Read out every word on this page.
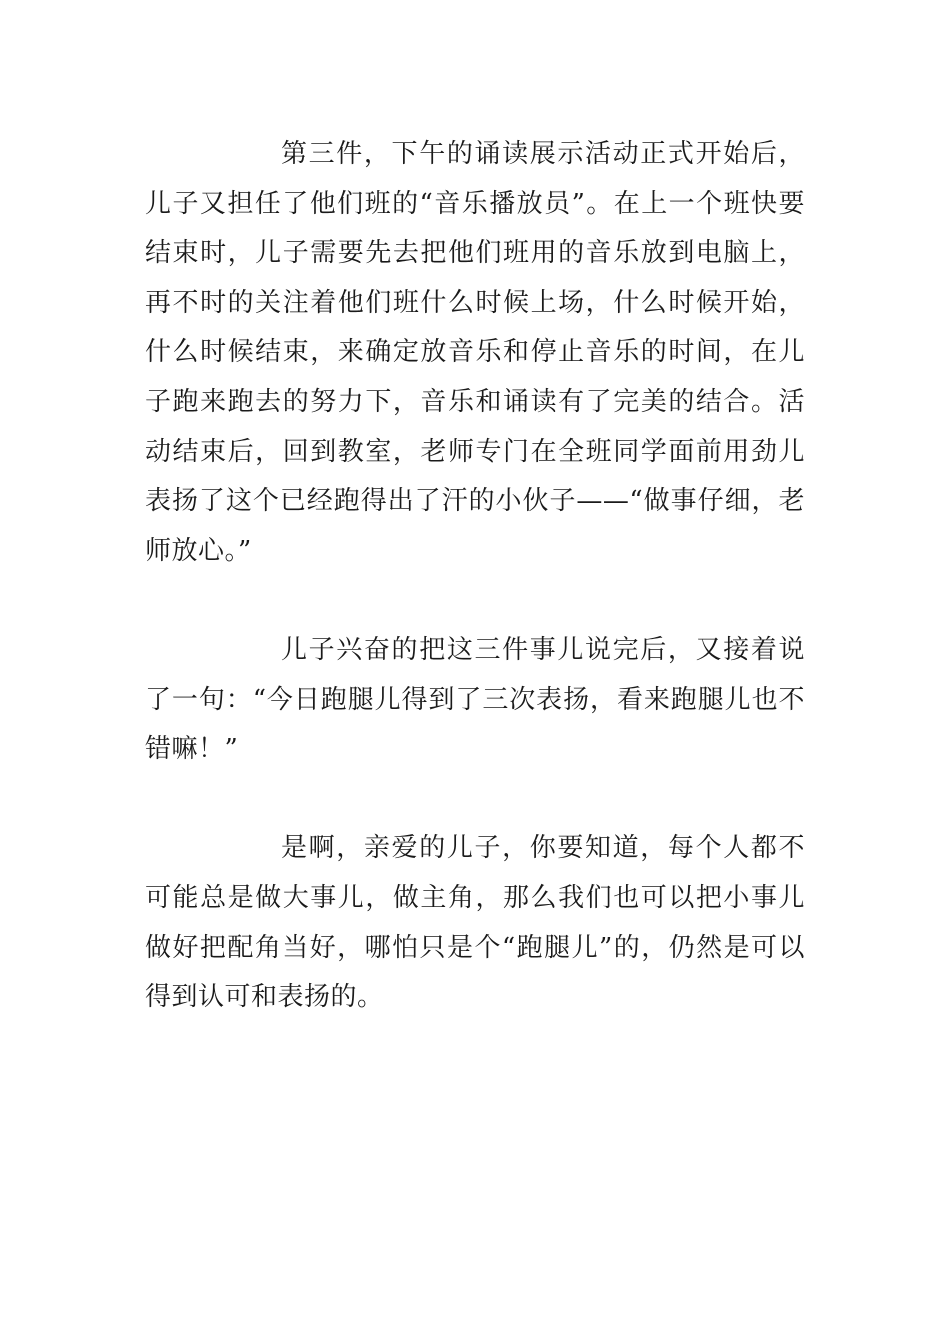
第三件，下午的诵读展示活动正式开始后，儿子又担任了他们班的“音乐播放员”。在上一个班快要结束时，儿子需要先去把他们班用的音乐放到电脑上，再不时的关注着他们班什么时候上场，什么时候开始，什么时候结束，来确定放音乐和停止音乐的时间，在儿子跑来跑去的努力下，音乐和诵读有了完美的结合。活动结束后，回到教室，老师专门在全班同学面前用劲儿表扬了这个已经跑得出了汗的小伙子——“做事仔细，老师放心。”

儿子兴奋的把这三件事儿说完后，又接着说了一句：“今日跑腿儿得到了三次表扬，看来跑腿儿也不错嘛！”

是啊，亲爱的儿子，你要知道，每个人都不可能总是做大事儿，做主角，那么我们也可以把小事儿做好把配角当好，哪怕只是个“跑腿儿”的，仍然是可以得到认可和表扬的。
